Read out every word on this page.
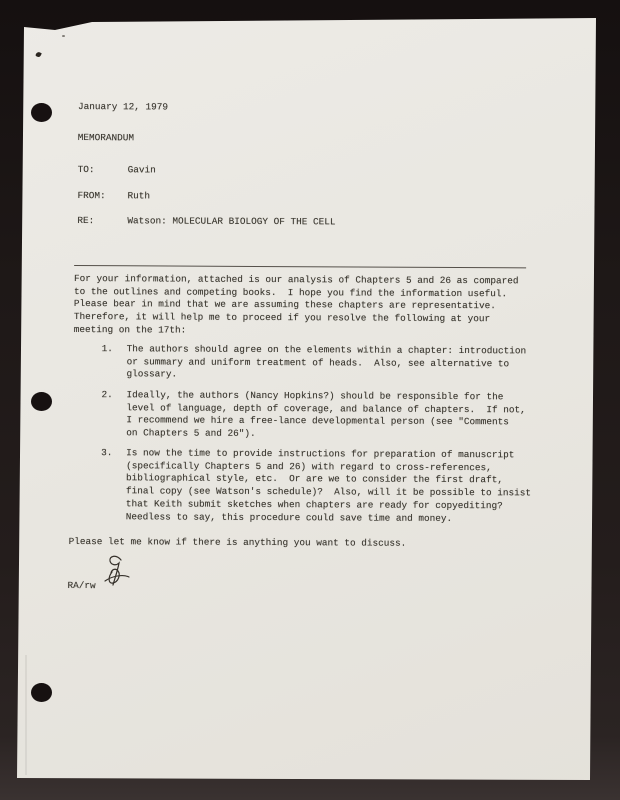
January 12, 1979
MEMORANDUM
TO:	Gavin
FROM: Ruth
RE:	Watson: MOLECULAR BIOLOGY OF THE CELL
For your information, attached is our analysis of Chapters 5 and 26 as compared
to the outlines and competing books.  I hope you find the information useful.
Please bear in mind that we are assuming these chapters are representative.
Therefore, it will help me to proceed if you resolve the following at your
meeting on the 17th:
1. The authors should agree on the elements within a chapter: introduction
or summary and uniform treatment of heads.  Also, see alternative to
glossary.
2. Ideally, the authors (Nancy Hopkins?) should be responsible for the
level of language, depth of coverage, and balance of chapters.  If not,
I recommend we hire a free-lance developmental person (see "Comments
on Chapters 5 and 26").
3. Is now the time to provide instructions for preparation of manuscript
(specifically Chapters 5 and 26) with regard to cross-references,
bibliographical style, etc.  Or are we to consider the first draft,
final copy (see Watson's schedule)?  Also, will it be possible to insist
that Keith submit sketches when chapters are ready for copyediting?
Needless to say, this procedure could save time and money.
Please let me know if there is anything you want to discuss.
RA/rw
